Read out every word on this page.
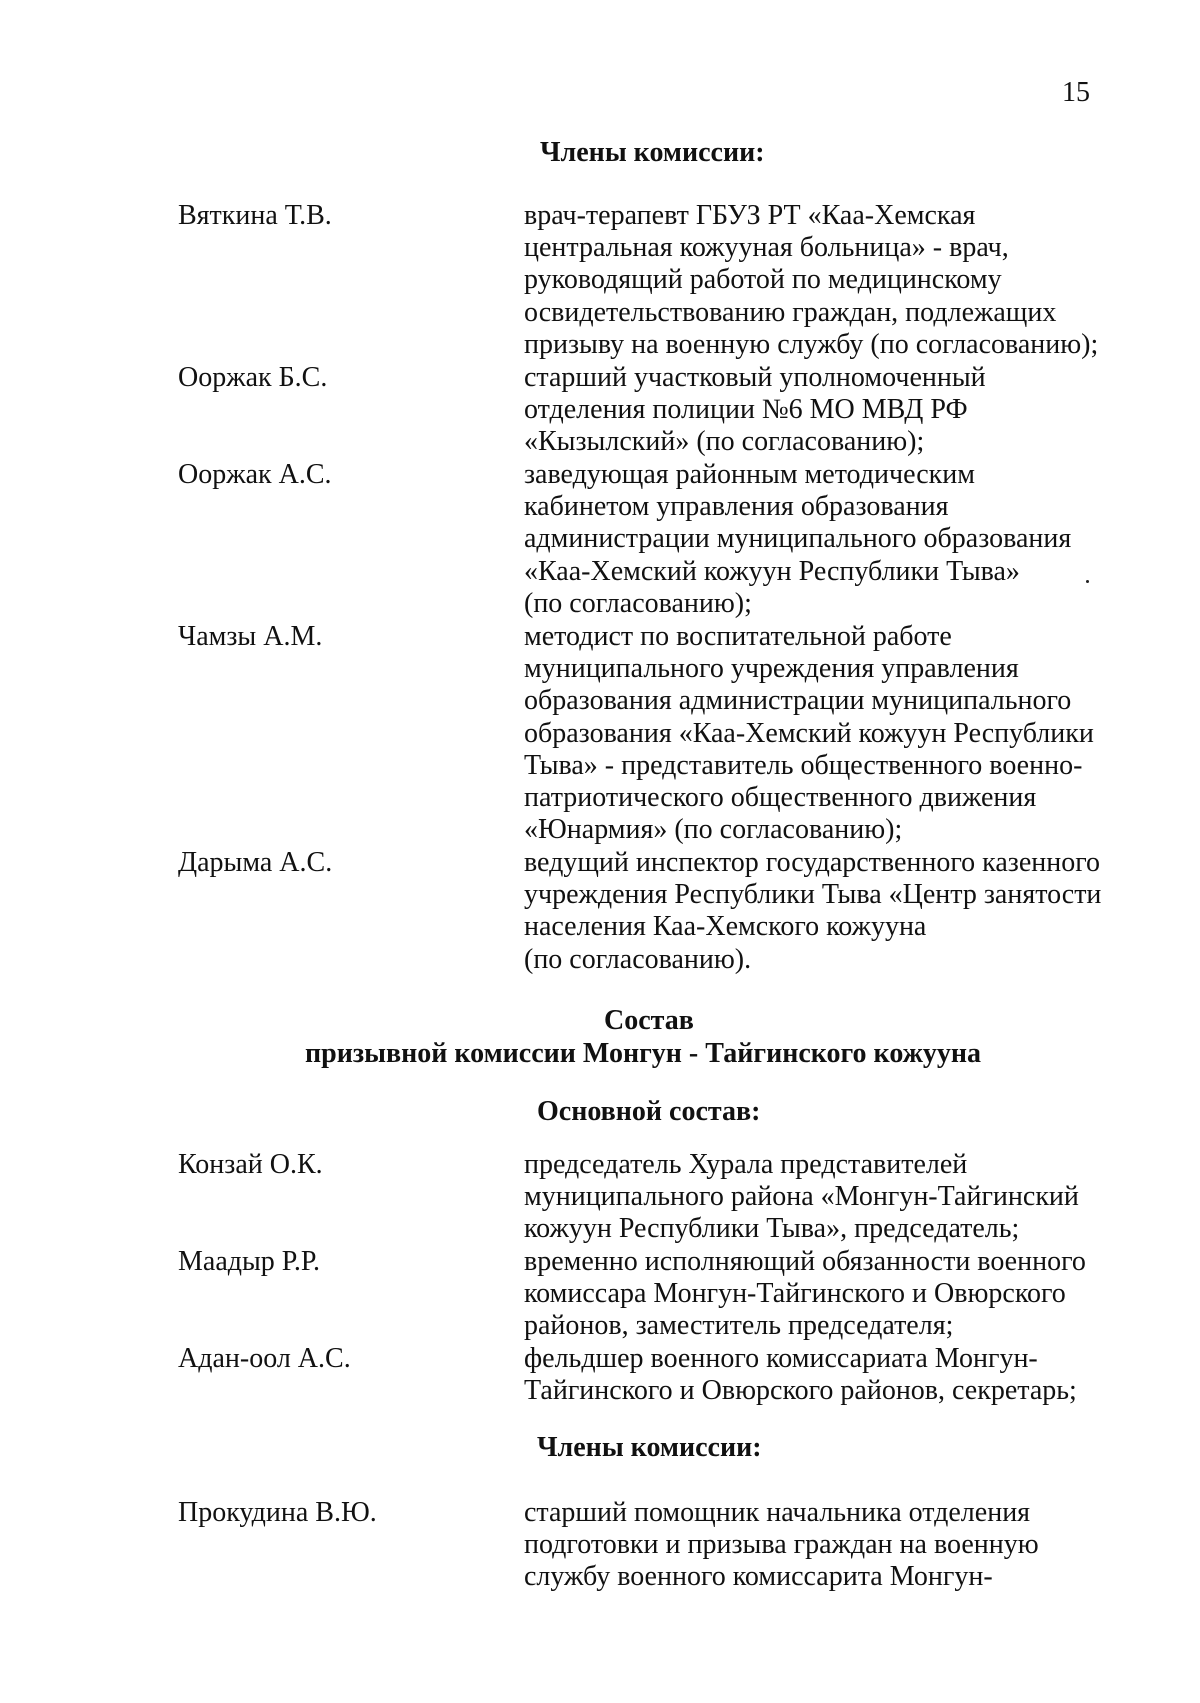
15
Члены комиссии:
Вяткина Т.В.	врач-терапевт ГБУЗ РТ «Каа-Хемская
центральная кожууная больница» - врач,
руководящий работой по медицинскому
освидетельствованию граждан, подлежащих
призыву на военную службу (по согласованию);
Ооржак Б.С.	старший участковый уполномоченный
отделения полиции №6 МО МВД РФ
«Кызылский» (по согласованию);
Ооржак А.С.	заведующая районным методическим
кабинетом управления образования
администрации муниципального образования
«Каа-Хемский кожуун Республики Тыва»
(по согласованию);
Чамзы А.М.	методист по воспитательной работе
муниципального учреждения управления
образования администрации муниципального
образования «Каа-Хемский кожуун Республики
Тыва» - представитель общественного военно-
патриотического общественного движения
«Юнармия» (по согласованию);
Дарыма А.С.	ведущий инспектор государственного казенного
учреждения Республики Тыва «Центр занятости
населения Каа-Хемского кожууна
(по согласованию).
Состав
призывной комиссии Монгун - Тайгинского кожууна
Основной состав:
Конзай О.К.	председатель Хурала представителей
муниципального района «Монгун-Тайгинский
кожуун Республики Тыва», председатель;
Маадыр Р.Р.	временно исполняющий обязанности военного
комиссара Монгун-Тайгинского и Овюрского
районов, заместитель председателя;
Адан-оол А.С.	фельдшер военного комиссариата Монгун-
Тайгинского и Овюрского районов, секретарь;
Члены комиссии:
Прокудина В.Ю.	старший помощник начальника отделения
подготовки и призыва граждан на военную
службу военного комиссарита Монгун-
